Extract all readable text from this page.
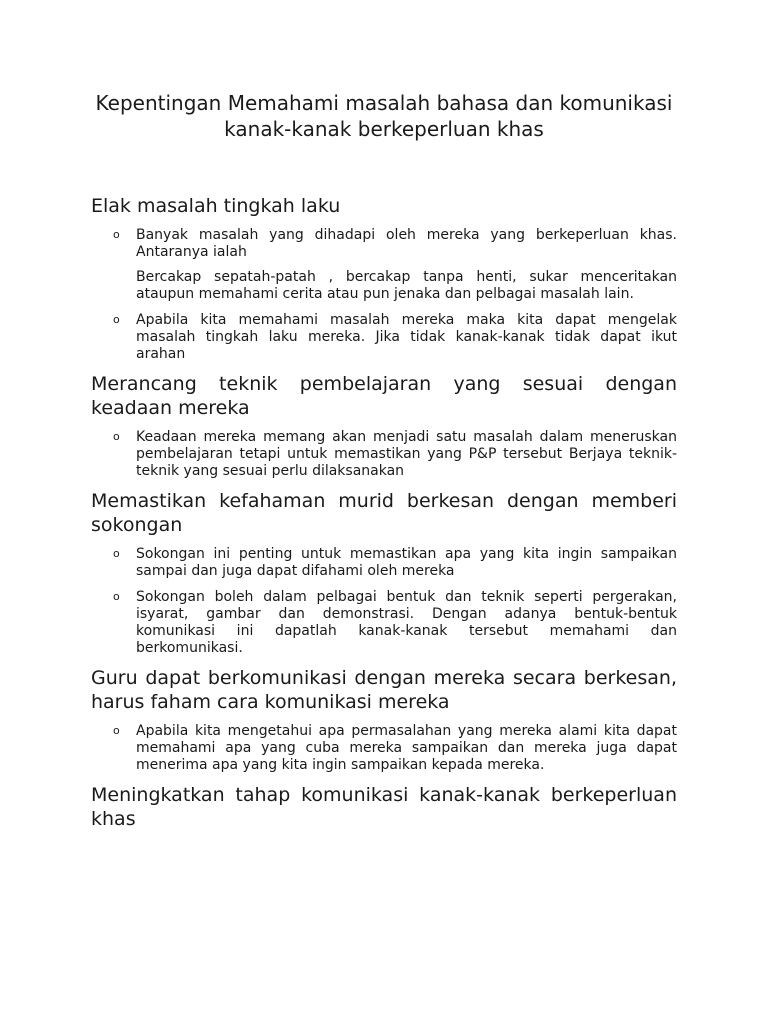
Kepentingan Memahami masalah bahasa dan komunikasi kanak-kanak berkeperluan khas
Elak masalah tingkah laku
o Banyak masalah yang dihadapi oleh mereka yang berkeperluan khas. Antaranya ialah

Bercakap sepatah-patah , bercakap tanpa henti, sukar menceritakan ataupun memahami cerita atau pun jenaka dan pelbagai masalah lain.

o Apabila kita memahami masalah mereka maka kita dapat mengelak masalah tingkah laku mereka. Jika tidak kanak-kanak tidak dapat ikut arahan

Merancang teknik pembelajaran yang sesuai dengan keadaan mereka
o Keadaan mereka memang akan menjadi satu masalah dalam meneruskan pembelajaran tetapi untuk memastikan yang P&P tersebut Berjaya teknik-teknik yang sesuai perlu dilaksanakan

Memastikan kefahaman murid berkesan dengan memberi sokongan
o Sokongan ini penting untuk memastikan apa yang kita ingin sampaikan sampai dan juga dapat difahami oleh mereka

o Sokongan boleh dalam pelbagai bentuk dan teknik seperti pergerakan, isyarat, gambar dan demonstrasi. Dengan adanya bentuk-bentuk komunikasi ini dapatlah kanak-kanak tersebut memahami dan berkomunikasi.

Guru dapat berkomunikasi dengan mereka secara berkesan, harus faham cara komunikasi mereka
o Apabila kita mengetahui apa permasalahan yang mereka alami kita dapat memahami apa yang cuba mereka sampaikan dan mereka juga dapat menerima apa yang kita ingin sampaikan kepada mereka.

Meningkatkan tahap komunikasi kanak-kanak berkeperluan khas
